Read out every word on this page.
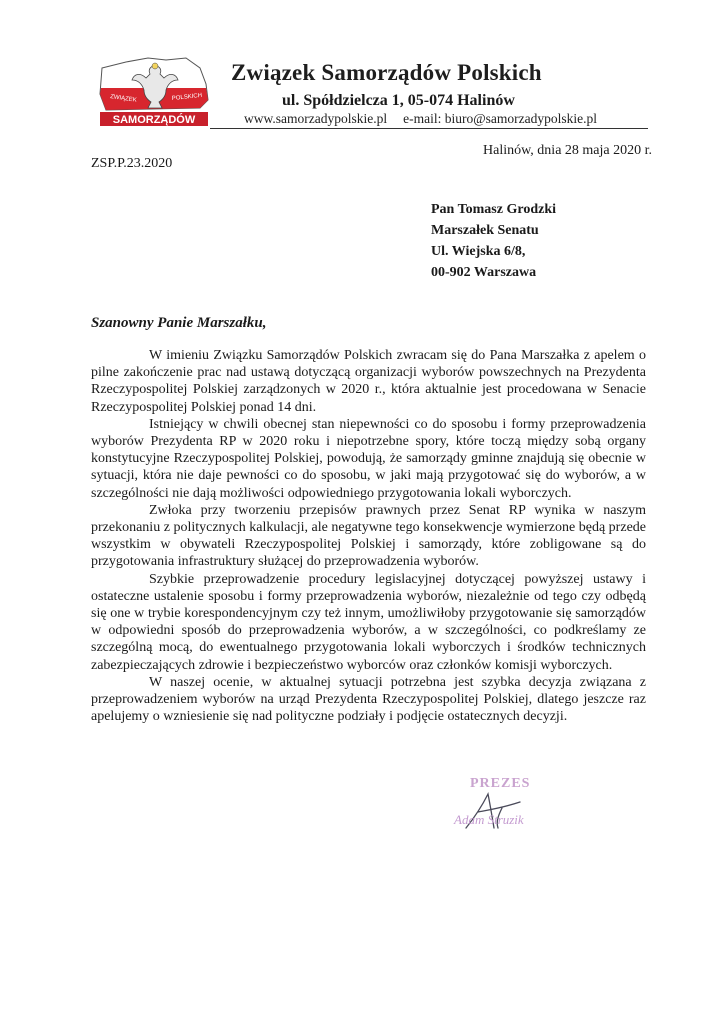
ZWIĄZEK	POLSKICH
SAMORZĄDÓW
Związek Samorządów Polskich
ul. Spółdzielcza 1, 05-074 Halinów
www.samorzadypolskie.pl e-mail: biuro@samorzadypolskie.pl
ZSP.P.23.2020
Halinów, dnia 28 maja 2020 r.
Pan Tomasz Grodzki
Marszałek Senatu
Ul. Wiejska 6/8,
00-902 Warszawa
Szanowny Panie Marszałku,

W imieniu Związku Samorządów Polskich zwracam się do Pana Marszałka z apelem o pilne zakończenie prac nad ustawą dotyczącą organizacji wyborów powszechnych na Prezydenta Rzeczypospolitej Polskiej zarządzonych w 2020 r., która aktualnie jest procedowana w Senacie Rzeczypospolitej Polskiej ponad 14 dni.

Istniejący w chwili obecnej stan niepewności co do sposobu i formy przeprowadzenia wyborów Prezydenta RP w 2020 roku i niepotrzebne spory, które toczą między sobą organy konstytucyjne Rzeczypospolitej Polskiej, powodują, że samorządy gminne znajdują się obecnie w sytuacji, która nie daje pewności co do sposobu, w jaki mają przygotować się do wyborów, a w szczególności nie dają możliwości odpowiedniego przygotowania lokali wyborczych.

Zwłoka przy tworzeniu przepisów prawnych przez Senat RP wynika w naszym przekonaniu z politycznych kalkulacji, ale negatywne tego konsekwencje wymierzone będą przede wszystkim w obywateli Rzeczypospolitej Polskiej i samorządy, które zobligowane są do przygotowania infrastruktury służącej do przeprowadzenia wyborów.

Szybkie przeprowadzenie procedury legislacyjnej dotyczącej powyższej ustawy i ostateczne ustalenie sposobu i formy przeprowadzenia wyborów, niezależnie od tego czy odbędą się one w trybie korespondencyjnym czy też innym, umożliwiłoby przygotowanie się samorządów w odpowiedni sposób do przeprowadzenia wyborów, a w szczególności, co podkreślamy ze szczególną mocą, do ewentualnego przygotowania lokali wyborczych i środków technicznych zabezpieczających zdrowie i bezpieczeństwo wyborców oraz członków komisji wyborczych.

W naszej ocenie, w aktualnej sytuacji potrzebna jest szybka decyzja związana z przeprowadzeniem wyborów na urząd Prezydenta Rzeczypospolitej Polskiej, dlatego jeszcze raz apelujemy o wzniesienie się nad polityczne podziały i podjęcie ostatecznych decyzji.

PREZES
Adam Struzik
